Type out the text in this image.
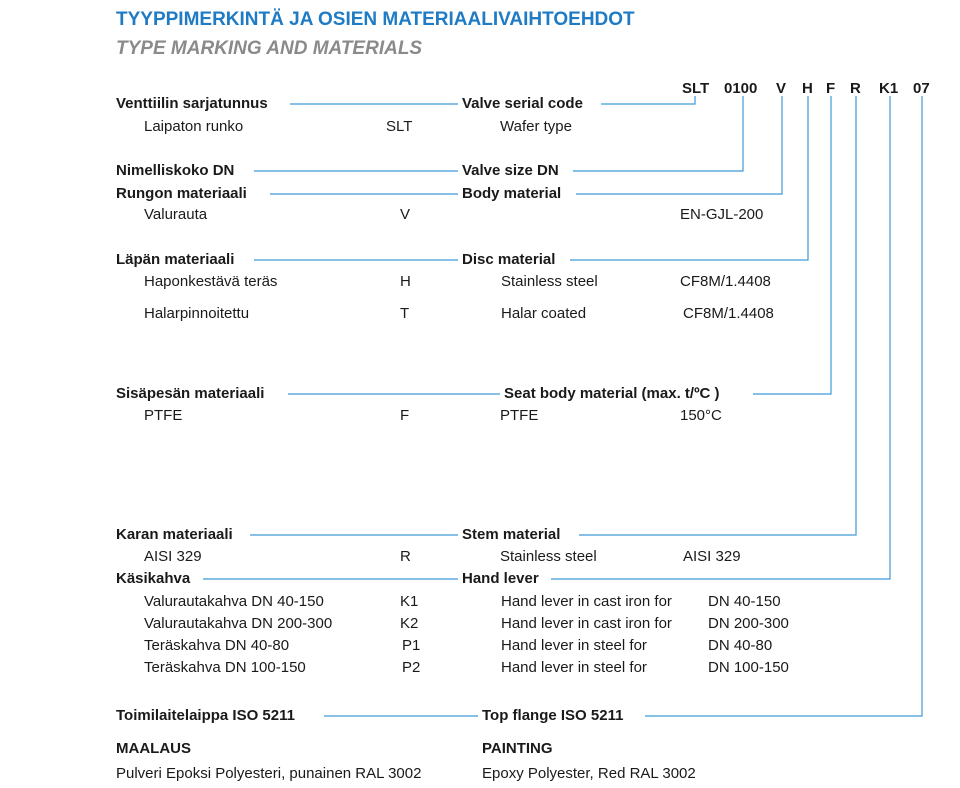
TYYPPIMERKINTÄ JA OSIEN MATERIAALIVAIHTOEHDOT
TYPE MARKING AND MATERIALS
SLT 0100 V H F R K1 07
Venttiilin sarjatunnus	Valve serial code
Laipaton runko	SLT	Wafer type
Nimelliskoko DN	Valve size DN
Rungon materiaali	Body material
Valurauta	V	EN-GJL-200
Läpän materiaali	Disc material
Haponkestävä teräs	H	Stainless steel	CF8M/1.4408
Halarpinnoitettu	T	Halar coated	CF8M/1.4408
Sisäpesän materiaali	Seat body material (max. t/ºC )
PTFE	F	PTFE	150°C
Karan materiaali	Stem material
AISI 329	R	Stainless steel	AISI 329
Käsikahva	Hand lever
Valurautakahva DN 40-150	K1	Hand lever in cast iron for DN 40-150
Valurautakahva DN 200-300	K2	Hand lever in cast iron for DN 200-300
Teräskahva DN 40-80	P1	Hand lever in steel for	DN 40-80
Teräskahva DN 100-150	P2	Hand lever in steel for	DN 100-150
Toimilaitelaippa ISO 5211	Top flange ISO 5211
MAALAUS	PAINTING
Pulveri Epoksi Polyesteri, punainen RAL 3002	Epoxy Polyester, Red RAL 3002
